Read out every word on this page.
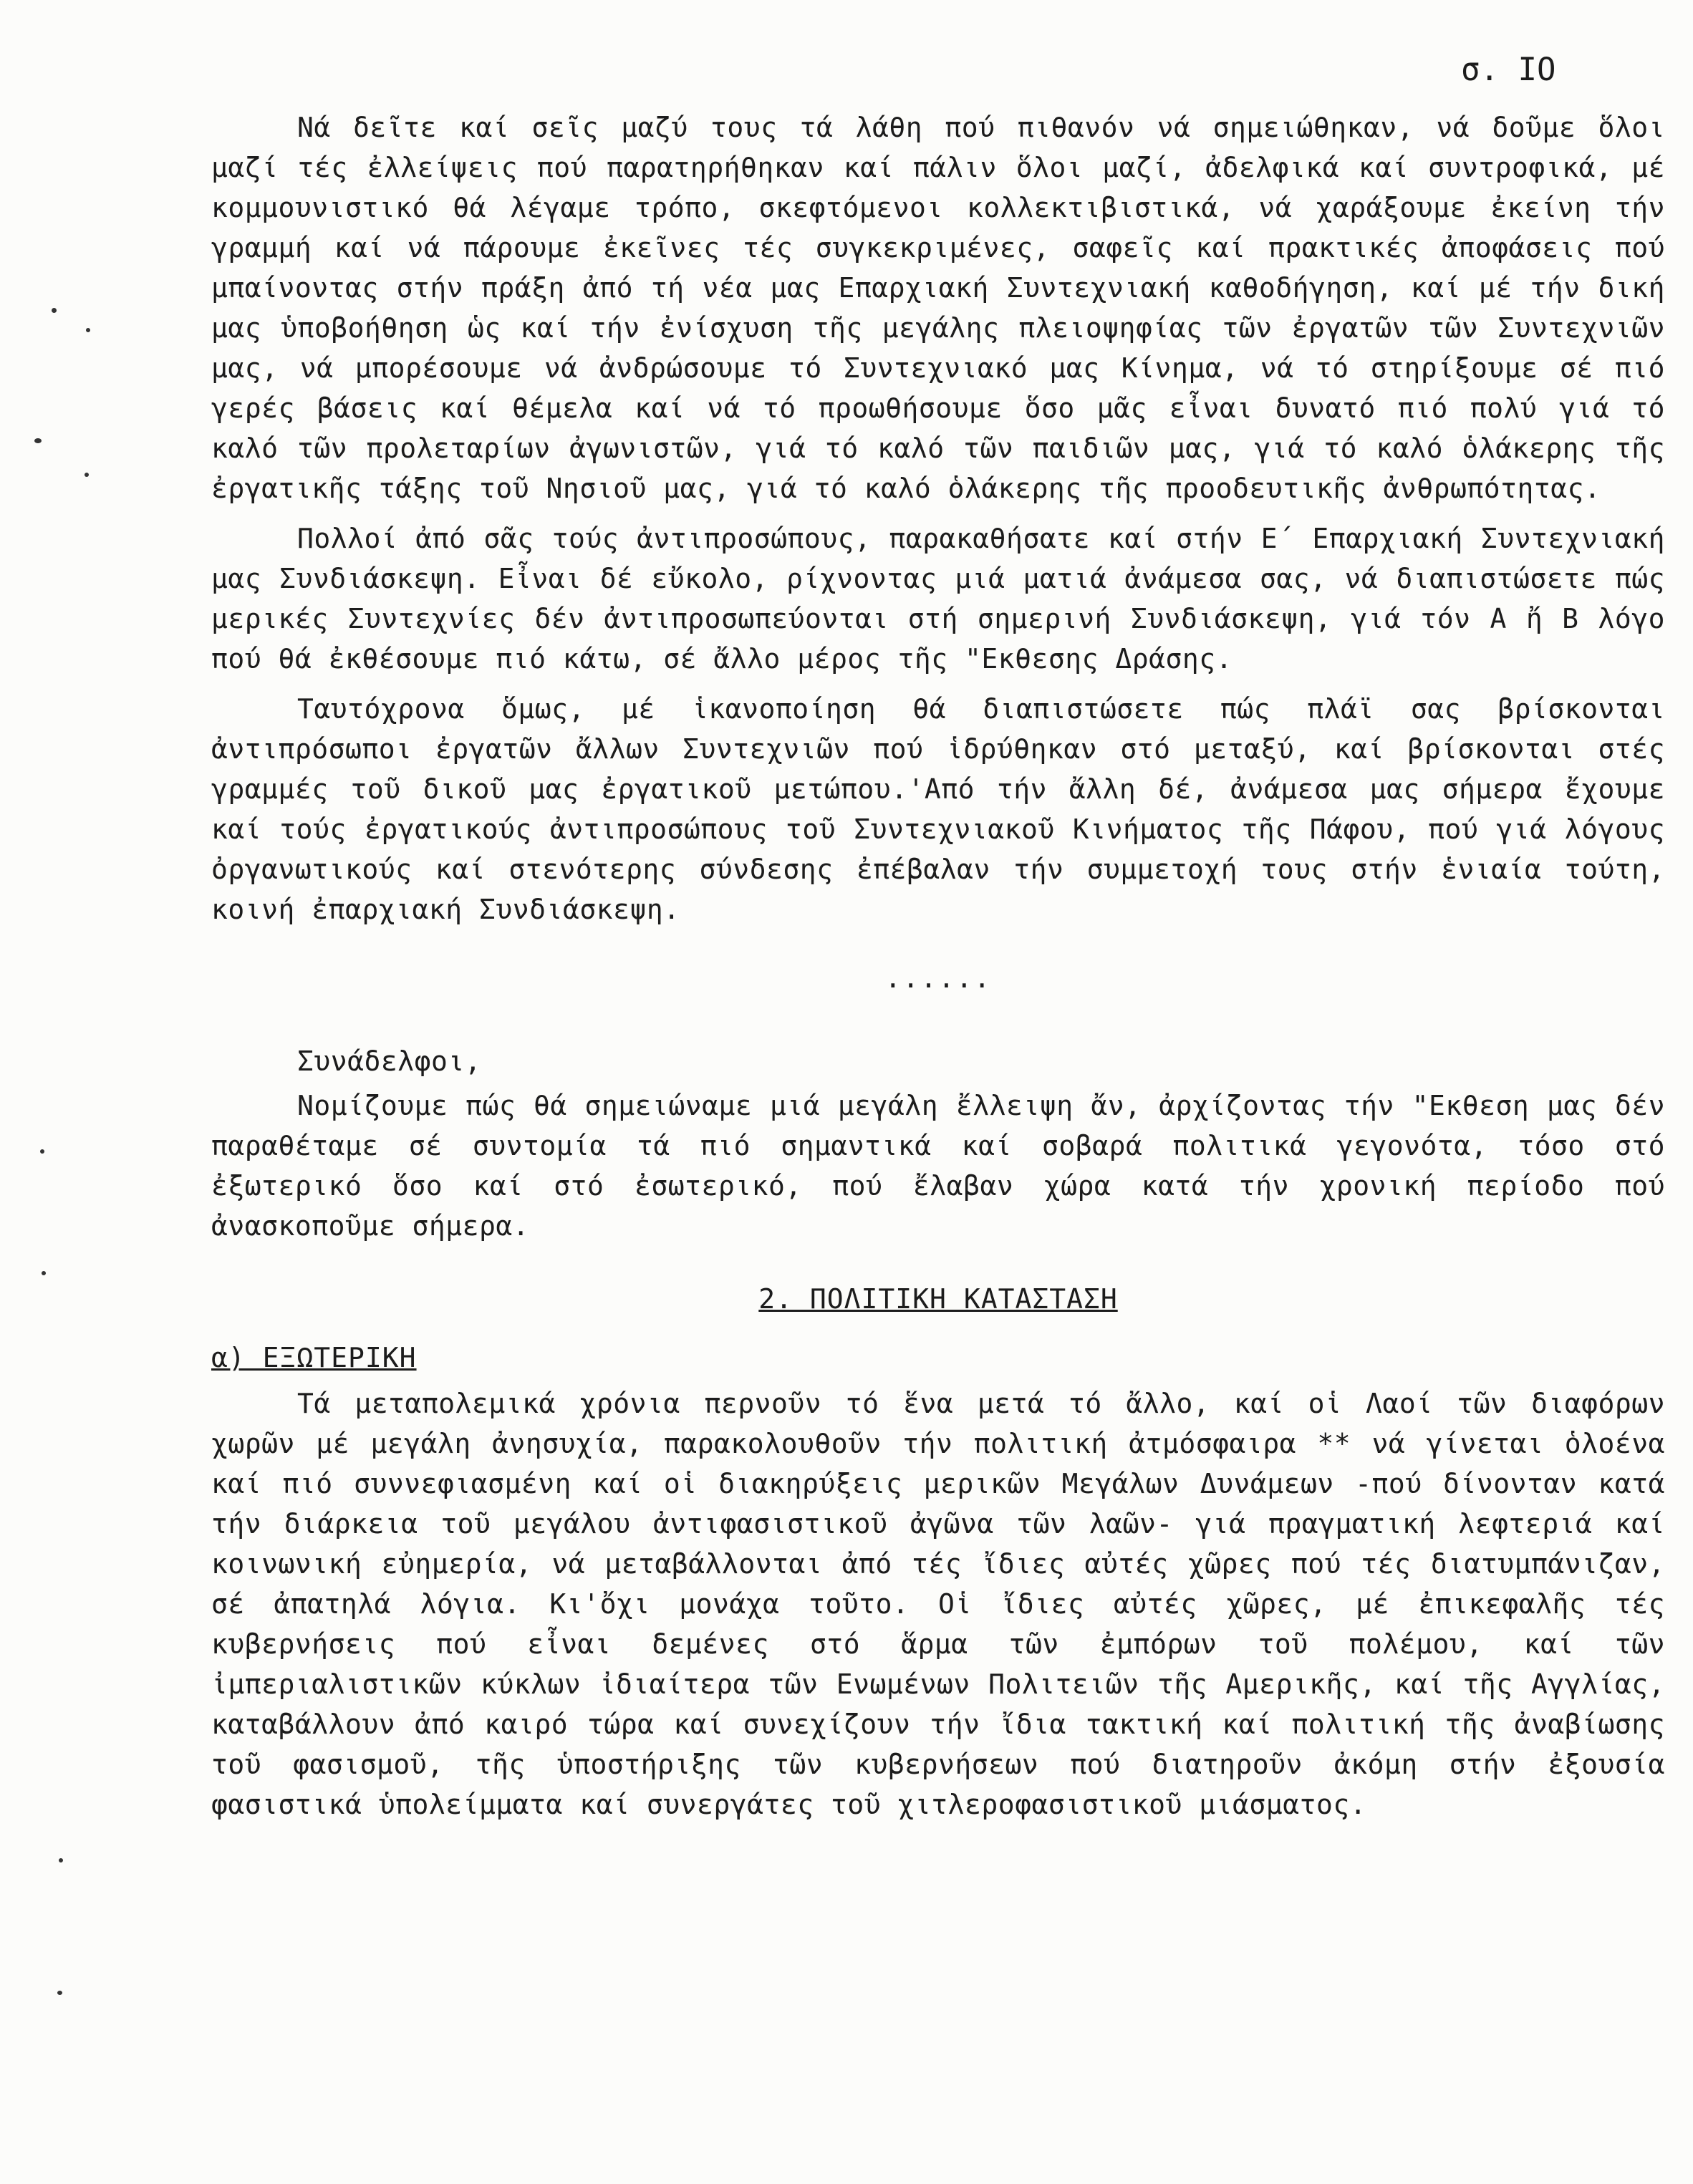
σ. ΙΟ

Νά δεῖτε καί σεῖς μαζύ τους τά λάθη πού πιθανόν νά σημειώθηκαν, νά δοῦμε ὅλοι μαζί τές ἐλλείψεις πού παρατηρήθηκαν καί πάλιν ὅλοι μαζί, ἀδελφικά καί συντροφικά, μέ κομμουνιστικό θά λέγαμε τρόπο, σκεφτόμενοι κολλεκτιβιστικά, νά χαράξουμε ἐκείνη τήν γραμμή καί νά πάρουμε ἐκεῖνες τές συγκεκριμένες, σαφεῖς καί πρακτικές ἀποφάσεις πού μπαίνοντας στήν πράξη ἀπό τή νέα μας Επαρχιακή Συντεχνιακή καθοδήγηση, καί μέ τήν δική μας ὑποβοήθηση ὡς καί τήν ἐνίσχυση τῆς μεγάλης πλειοψηφίας τῶν ἐργατῶν τῶν Συντεχνιῶν μας, νά μπορέσουμε νά ἀνδρώσουμε τό Συντεχνιακό μας Κίνημα, νά τό στηρίξουμε σέ πιό γερές βάσεις καί θέμελα καί νά τό προωθήσουμε ὅσο μᾶς εἶναι δυνατό πιό πολύ γιά τό καλό τῶν προλεταρίων ἀγωνιστῶν, γιά τό καλό τῶν παιδιῶν μας, γιά τό καλό ὁλάκερης τῆς ἐργατικῆς τάξης τοῦ Νησιοῦ μας, γιά τό καλό ὁλάκερης τῆς προοδευτικῆς ἀνθρωπότητας.

Πολλοί ἀπό σᾶς τούς ἀντιπροσώπους, παρακαθήσατε καί στήν Ε΄ Επαρχιακή Συντεχνιακή μας Συνδιάσκεψη. Εἶναι δέ εὔκολο, ρίχνοντας μιά ματιά ἀνάμεσα σας, νά διαπιστώσετε πώς μερικές Συντεχνίες δέν ἀντιπροσωπεύονται στή σημερινή Συνδιάσκεψη, γιά τόν Α ἤ Β λόγο πού θά ἐκθέσουμε πιό κάτω, σέ ἄλλο μέρος τῆς "Εκθεσης Δράσης.

Ταυτόχρονα ὅμως, μέ ἱκανοποίηση θά διαπιστώσετε πώς πλάϊ σας βρίσκονται ἀντιπρόσωποι ἐργατῶν ἄλλων Συντεχνιῶν πού ἱδρύθηκαν στό μεταξύ, καί βρίσκονται στές γραμμές τοῦ δικοῦ μας ἐργατικοῦ μετώπου.'Από τήν ἄλλη δέ, ἀνάμεσα μας σήμερα ἔχουμε καί τούς ἐργατικούς ἀντιπροσώπους τοῦ Συντεχνιακοῦ Κινήματος τῆς Πάφου, πού γιά λόγους ὀργανωτικούς καί στενότερης σύνδεσης ἐπέβαλαν τήν συμμετοχή τους στήν ἑνιαία τούτη, κοινή ἐπαρχιακή Συνδιάσκεψη.

......
Συνάδελφοι,

Νομίζουμε πώς θά σημειώναμε μιά μεγάλη ἔλλειψη ἄν, ἀρχίζοντας τήν "Εκθεση μας δέν παραθέταμε σέ συντομία τά πιό σημαντικά καί σοβαρά πολιτικά γεγονότα, τόσο στό ἐξωτερικό ὅσο καί στό ἐσωτερικό, πού ἔλαβαν χώρα κατά τήν χρονική περίοδο πού ἀνασκοποῦμε σήμερα.

2. ΠΟΛΙΤΙΚΗ ΚΑΤΑΣΤΑΣΗ
α) ΕΞΩΤΕΡΙΚΗ

Τά μεταπολεμικά χρόνια περνοῦν τό ἕνα μετά τό ἄλλο, καί οἱ Λαοί τῶν διαφόρων χωρῶν μέ μεγάλη ἀνησυχία, παρακολουθοῦν τήν πολιτική ἀτμόσφαιρα ** νά γίνεται ὁλοένα καί πιό συννεφιασμένη καί οἱ διακηρύξεις μερικῶν Μεγάλων Δυνάμεων -πού δίνονταν κατά τήν διάρκεια τοῦ μεγάλου ἀντιφασιστικοῦ ἀγῶνα τῶν λαῶν- γιά πραγματική λεφτεριά καί κοινωνική εὐημερία, νά μεταβάλλονται ἀπό τές ἴδιες αὐτές χῶρες πού τές διατυμπάνιζαν, σέ ἀπατηλά λόγια. Κι'ὄχι μονάχα τοῦτο. Οἱ ἴδιες αὐτές χῶρες, μέ ἐπικεφαλῆς τές κυβερνήσεις πού εἶναι δεμένες στό ἅρμα τῶν ἐμπόρων τοῦ πολέμου, καί τῶν ἰμπεριαλιστικῶν κύκλων ἰδιαίτερα τῶν Ενωμένων Πολιτειῶν τῆς Αμερικῆς, καί τῆς Αγγλίας, καταβάλλουν ἀπό καιρό τώρα καί συνεχίζουν τήν ἴδια τακτική καί πολιτική τῆς ἀναβίωσης τοῦ φασισμοῦ, τῆς ὑποστήριξης τῶν κυβερνήσεων πού διατηροῦν ἀκόμη στήν ἐξουσία φασιστικά ὑπολείμματα καί συνεργάτες τοῦ χιτλεροφασιστικοῦ μιάσματος.
